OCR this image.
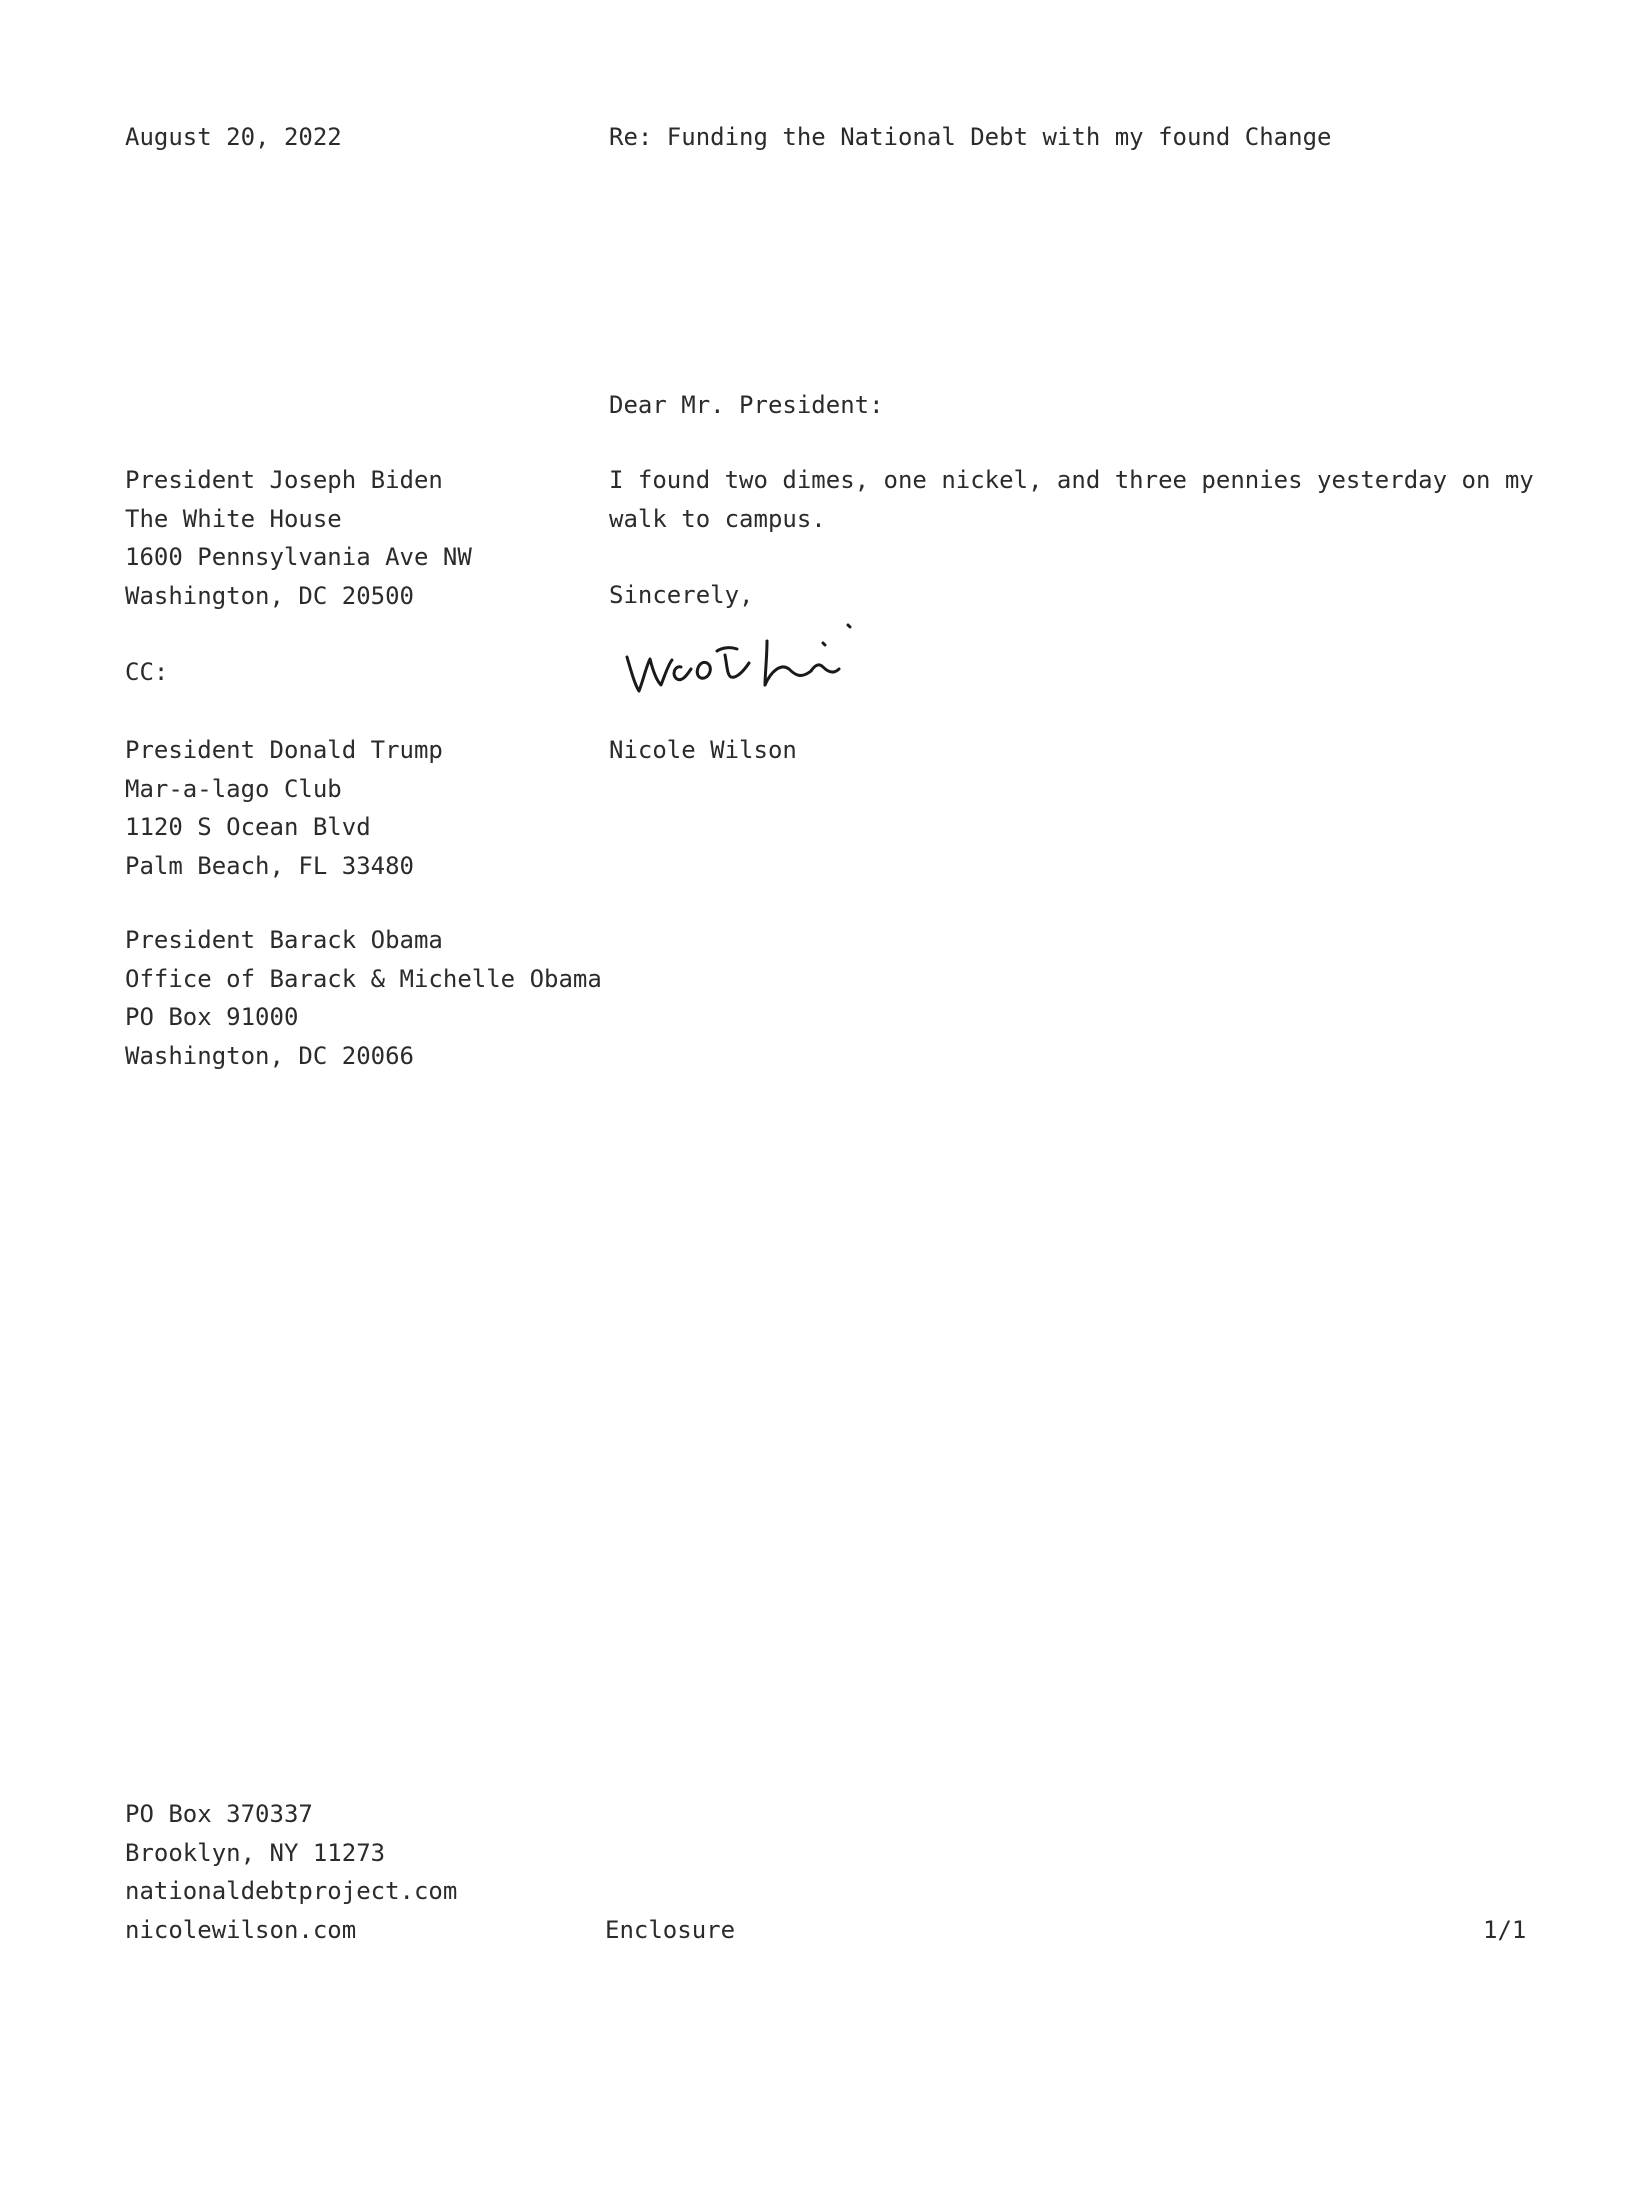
August 20, 2022	Re: Funding the National Debt with my found Change
Dear Mr. President:
I found two dimes, one nickel, and three pennies yesterday on my
walk to campus.
Sincerely,
Nicole Wilson
President Joseph Biden
The White House
1600 Pennsylvania Ave NW
Washington, DC 20500
CC:
President Donald Trump
Mar-a-lago Club
1120 S Ocean Blvd
Palm Beach, FL 33480
President Barack Obama
Office of Barack & Michelle Obama
PO Box 91000
Washington, DC 20066
PO Box 370337
Brooklyn, NY 11273
nationaldebtproject.com
nicolewilson.com	Enclosure	1/1
